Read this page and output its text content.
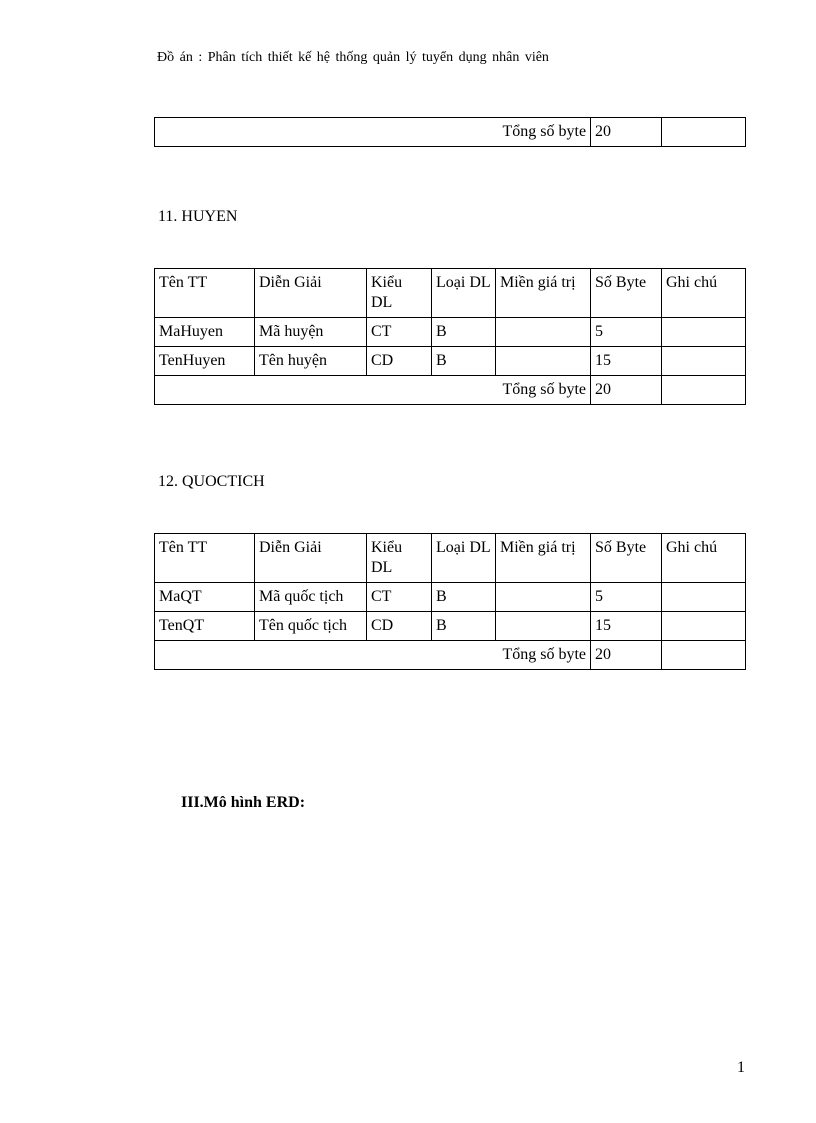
Đồ án : Phân tích thiết kế hệ thống quản lý tuyển dụng nhân viên
Tổng số byte	20	
11. HUYEN
Tên TT	Diễn Giải	Kiểu DL	Loại DL	Miền giá trị	Số Byte	Ghi chú
MaHuyen	Mã huyện	CT	B		5	
TenHuyen	Tên huyện	CD	B		15	
Tổng số byte					20	
12. QUOCTICH
Tên TT	Diễn Giải	Kiểu DL	Loại DL	Miền giá trị	Số Byte	Ghi chú
MaQT	Mã quốc tịch	CT	B		5	
TenQT	Tên quốc tịch	CD	B		15	
Tổng số byte					20	
III.Mô hình ERD:
1
